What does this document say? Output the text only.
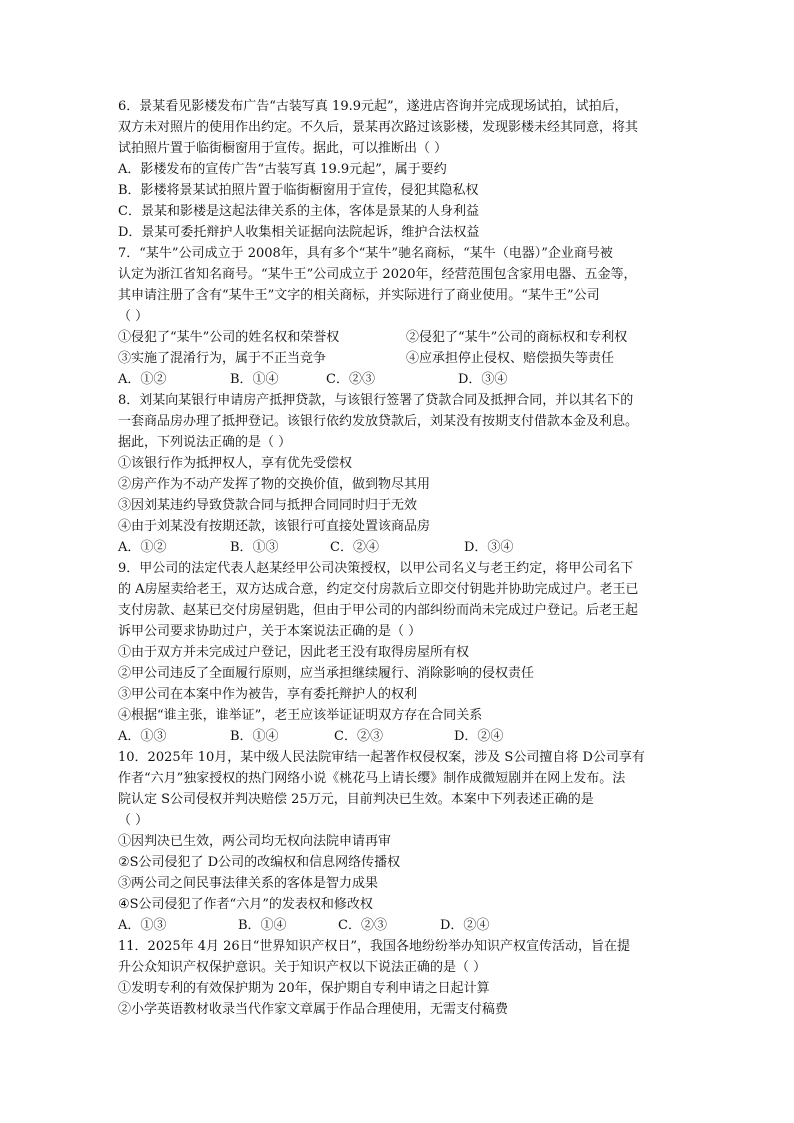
6．景某看见影楼发布广告“古装写真 19.9元起”，遂进店咨询并完成现场试拍，试拍后，
双方未对照片的使用作出约定。不久后，景某再次路过该影楼，发现影楼未经其同意，将其
试拍照片置于临街橱窗用于宣传。据此，可以推断出（ ）
A．影楼发布的宣传广告“古装写真 19.9元起”，属于要约
B．影楼将景某试拍照片置于临街橱窗用于宣传，侵犯其隐私权
C．景某和影楼是这起法律关系的主体，客体是景某的人身利益
D．景某可委托辩护人收集相关证据向法院起诉，维护合法权益
7．“某牛”公司成立于 2008年，具有多个“某牛”驰名商标，“某牛（电器）”企业商号被
认定为浙江省知名商号。“某牛王”公司成立于 2020年，经营范围包含家用电器、五金等，
其申请注册了含有“某牛王”文字的相关商标，并实际进行了商业使用。“某牛王”公司
（ ）
①侵犯了“某牛”公司的姓名权和荣誉权	②侵犯了“某牛”公司的商标权和专利权
③实施了混淆行为，属于不正当竞争	④应承担停止侵权、赔偿损失等责任
A．①②	B．①④	C．②③	D．③④
8．刘某向某银行申请房产抵押贷款，与该银行签署了贷款合同及抵押合同，并以其名下的
一套商品房办理了抵押登记。该银行依约发放贷款后，刘某没有按期支付借款本金及利息。
据此，下列说法正确的是（ ）
①该银行作为抵押权人，享有优先受偿权
②房产作为不动产发挥了物的交换价值，做到物尽其用
③因刘某违约导致贷款合同与抵押合同同时归于无效
④由于刘某没有按期还款，该银行可直接处置该商品房
A．①②	B．①③	C．②④	D．③④
9．甲公司的法定代表人赵某经甲公司决策授权，以甲公司名义与老王约定，将甲公司名下
的 A房屋卖给老王，双方达成合意，约定交付房款后立即交付钥匙并协助完成过户。老王已
支付房款、赵某已交付房屋钥匙，但由于甲公司的内部纠纷而尚未完成过户登记。后老王起
诉甲公司要求协助过户，关于本案说法正确的是（ ）
①由于双方并未完成过户登记，因此老王没有取得房屋所有权
②甲公司违反了全面履行原则，应当承担继续履行、消除影响的侵权责任
③甲公司在本案中作为被告，享有委托辩护人的权利
④根据“谁主张，谁举证”，老王应该举证证明双方存在合同关系
A．①③	B．①④	C．②③	D．②④
10．2025年 10月，某中级人民法院审结一起著作权侵权案，涉及 S公司擅自将 D公司享有
作者“六月”独家授权的热门网络小说《桃花马上请长缨》制作成微短剧并在网上发布。法
院认定 S公司侵权并判决赔偿 25万元，目前判决已生效。本案中下列表述正确的是
（ ）
①因判决已生效，两公司均无权向法院申请再审
②S公司侵犯了 D公司的改编权和信息网络传播权
③两公司之间民事法律关系的客体是智力成果
④S公司侵犯了作者“六月”的发表权和修改权
A．①③	B．①④	C．②③	D．②④
11．2025年 4月 26日“世界知识产权日”，我国各地纷纷举办知识产权宣传活动，旨在提
升公众知识产权保护意识。关于知识产权以下说法正确的是（ ）
①发明专利的有效保护期为 20年，保护期自专利申请之日起计算
②小学英语教材收录当代作家文章属于作品合理使用，无需支付稿费
